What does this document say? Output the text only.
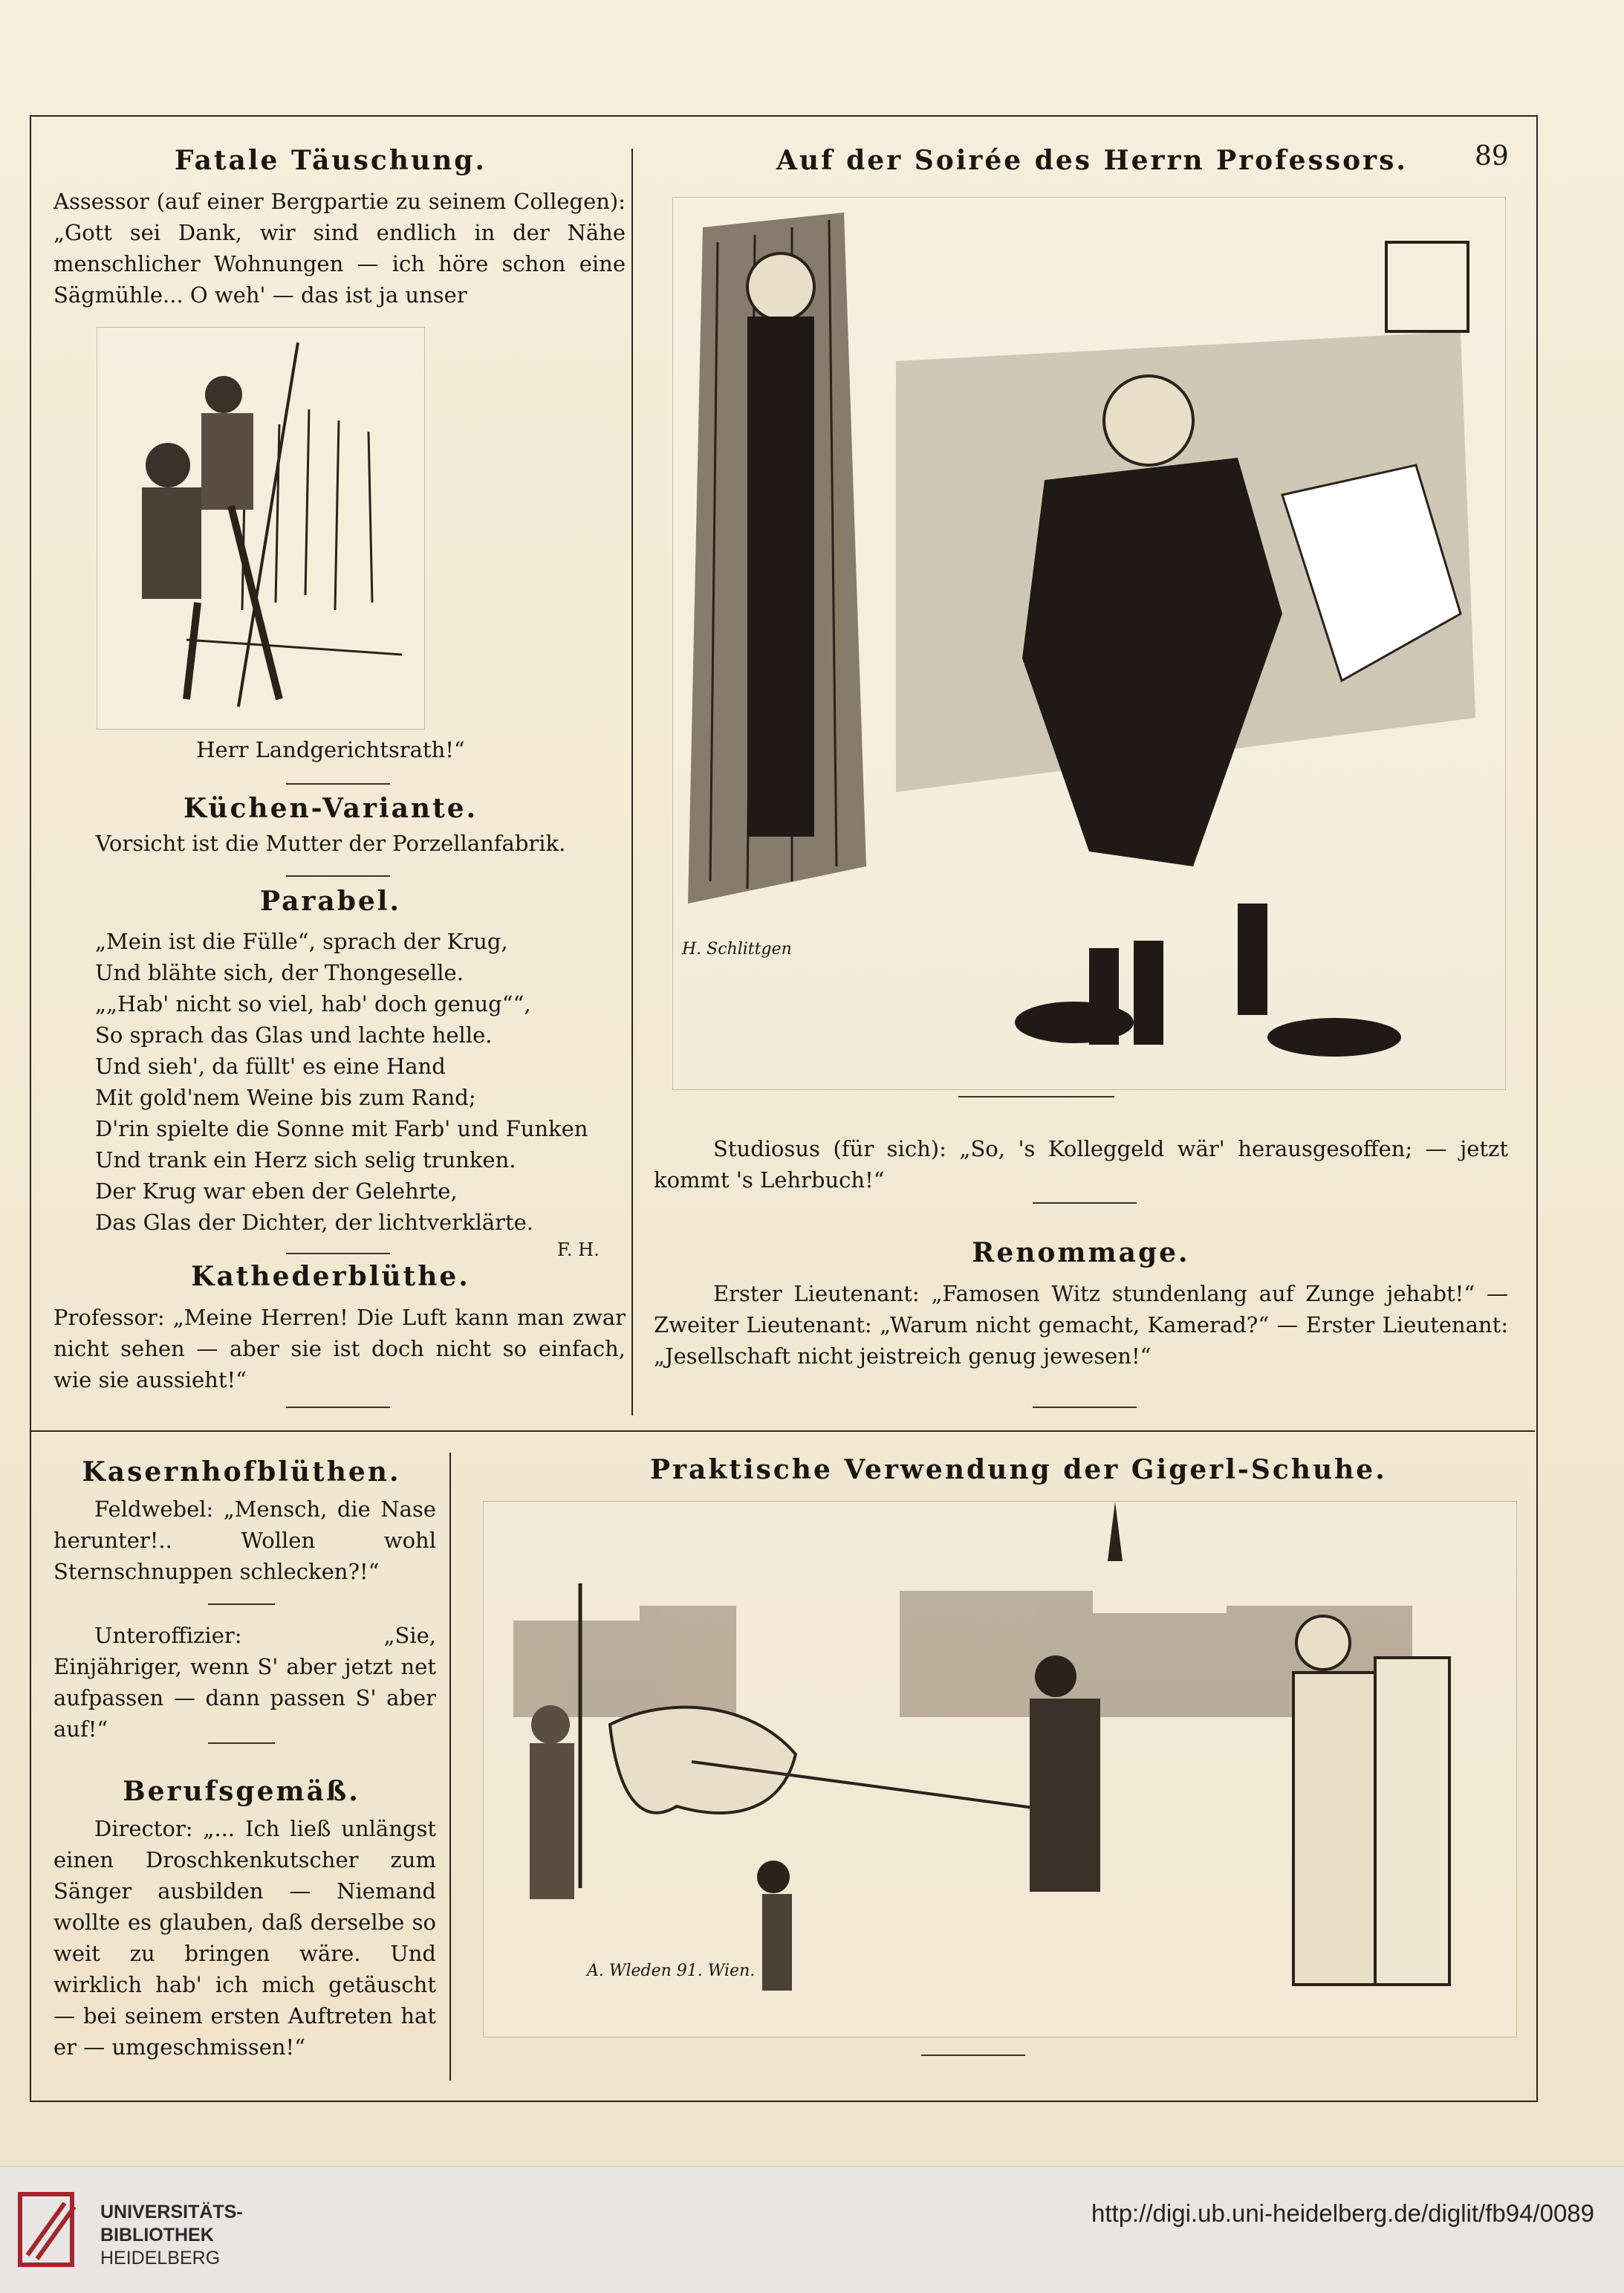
89
Fatale Täuschung.
Assessor (auf einer Bergpartie zu seinem Collegen): „Gott sei Dank, wir sind endlich in der Nähe menschlicher Wohnungen — ich höre schon eine Sägmühle... O weh' — das ist ja unser
Herr Landgerichtsrath!“
Küchen-Variante.
Vorsicht ist die Mutter der Porzellanfabrik.
Parabel.
„Mein ist die Fülle“, sprach der Krug,
Und blähte sich, der Thongeselle.
„„Hab' nicht so viel, hab' doch genug““,
So sprach das Glas und lachte helle.
Und sieh', da füllt' es eine Hand
Mit gold'nem Weine bis zum Rand;
D'rin spielte die Sonne mit Farb' und Funken
Und trank ein Herz sich selig trunken.
Der Krug war eben der Gelehrte,
Das Glas der Dichter, der lichtverklärte.
F. H.
Kathederblüthe.
Professor: „Meine Herren! Die Luft kann man zwar nicht sehen — aber sie ist doch nicht so einfach, wie sie aussieht!“
Auf der Soirée des Herrn Professors.
H. Schlittgen
Studiosus (für sich): „So, 's Kolleggeld wär' herausgesoffen; — jetzt kommt 's Lehrbuch!“
Renommage.
Erster Lieutenant: „Famosen Witz stundenlang auf Zunge jehabt!“ — Zweiter Lieutenant: „Warum nicht gemacht, Kamerad?“ — Erster Lieutenant: „Jesellschaft nicht jeistreich genug jewesen!“
Kasernhofblüthen.
Feldwebel: „Mensch, die Nase herunter!.. Wollen wohl Sternschnuppen schlecken?!“
Unteroffizier: „Sie, Einjähriger, wenn S' aber jetzt net aufpassen — dann passen S' aber auf!“
Berufsgemäß.
Director: „... Ich ließ unlängst einen Droschkenkutscher zum Sänger ausbilden — Niemand wollte es glauben, daß derselbe so weit zu bringen wäre. Und wirklich hab' ich mich getäuscht — bei seinem ersten Auftreten hat er — umgeschmissen!“
Praktische Verwendung der Gigerl-Schuhe.
A. Wleden 91. Wien.
UNIVERSITÄTS-
BIBLIOTHEK
HEIDELBERG
http://digi.ub.uni-heidelberg.de/diglit/fb94/0089
